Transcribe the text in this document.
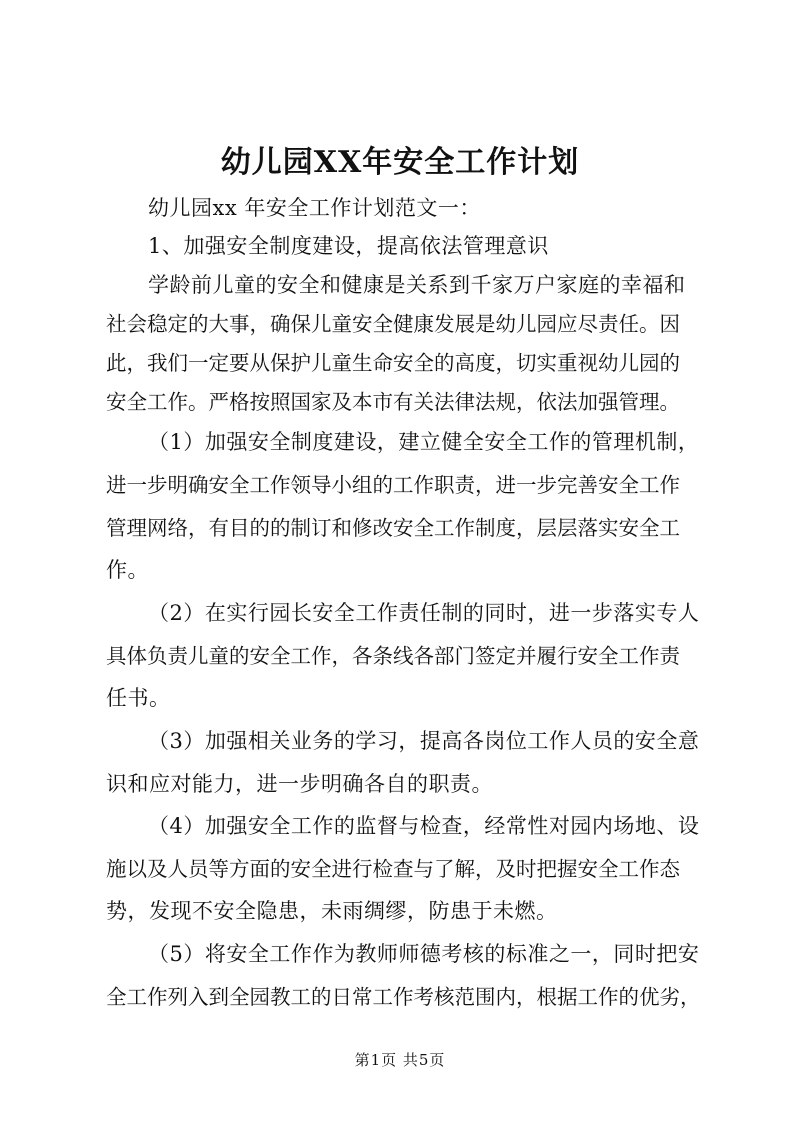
幼儿园XX年安全工作计划
幼儿园xx 年安全工作计划范文一：
1、加强安全制度建设，提高依法管理意识
学龄前儿童的安全和健康是关系到千家万户家庭的幸福和
社会稳定的大事，确保儿童安全健康发展是幼儿园应尽责任。因
此，我们一定要从保护儿童生命安全的高度，切实重视幼儿园的
安全工作。严格按照国家及本市有关法律法规，依法加强管理。
（1）加强安全制度建设，建立健全安全工作的管理机制，
进一步明确安全工作领导小组的工作职责，进一步完善安全工作
管理网络，有目的的制订和修改安全工作制度，层层落实安全工
作。
（2）在实行园长安全工作责任制的同时，进一步落实专人
具体负责儿童的安全工作，各条线各部门签定并履行安全工作责
任书。
（3）加强相关业务的学习，提高各岗位工作人员的安全意
识和应对能力，进一步明确各自的职责。
（4）加强安全工作的监督与检查，经常性对园内场地、设
施以及人员等方面的安全进行检查与了解，及时把握安全工作态
势，发现不安全隐患，未雨绸缪，防患于未燃。
（5）将安全工作作为教师师德考核的标准之一，同时把安
全工作列入到全园教工的日常工作考核范围内，根据工作的优劣，
第1页 共5页
